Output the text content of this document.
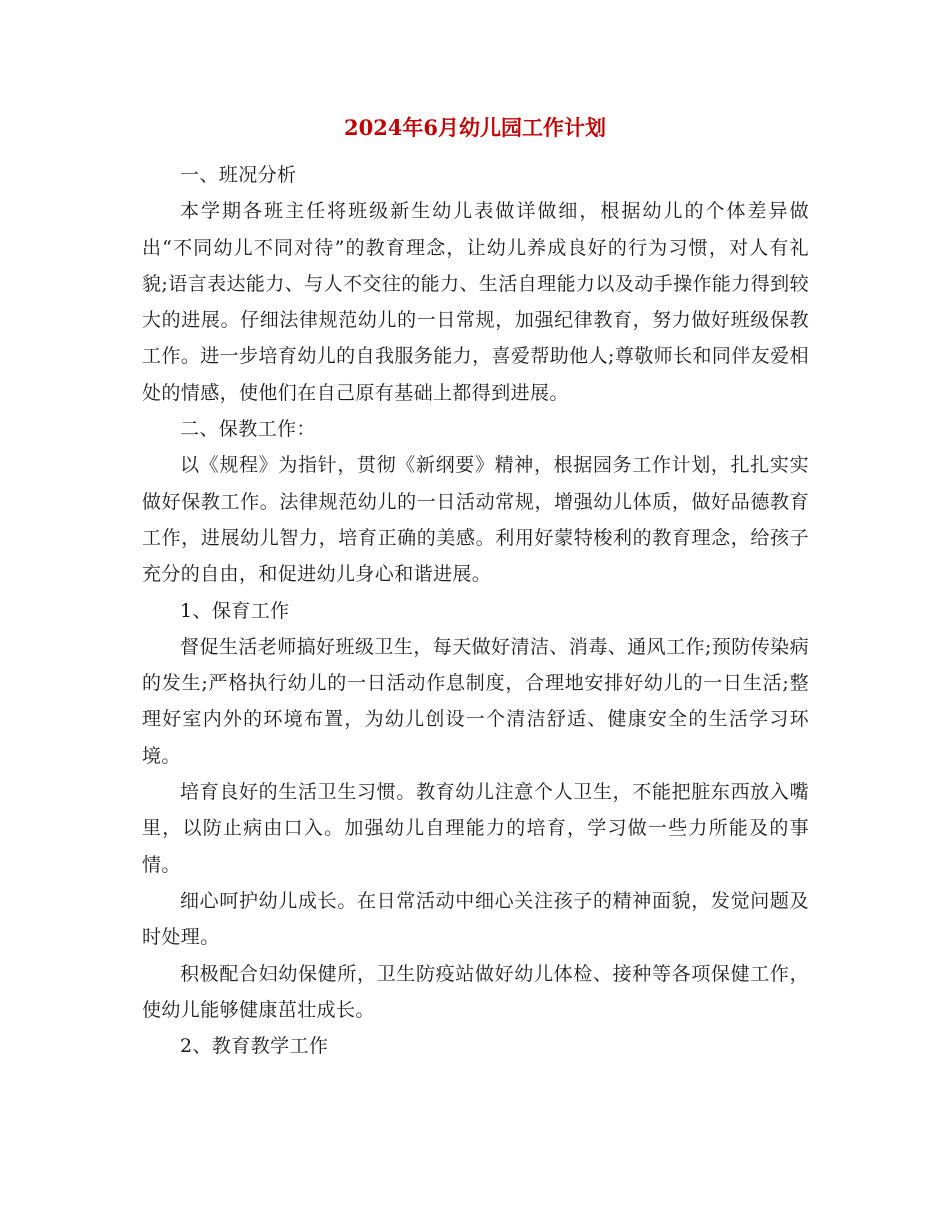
2024年6月幼儿园工作计划

一、班况分析

本学期各班主任将班级新生幼儿表做详做细，根据幼儿的个体差异做出“不同幼儿不同对待”的教育理念，让幼儿养成良好的行为习惯，对人有礼貌;语言表达能力、与人不交往的能力、生活自理能力以及动手操作能力得到较大的进展。仔细法律规范幼儿的一日常规，加强纪律教育，努力做好班级保教工作。进一步培育幼儿的自我服务能力，喜爱帮助他人;尊敬师长和同伴友爱相处的情感，使他们在自己原有基础上都得到进展。

二、保教工作：

以《规程》为指针，贯彻《新纲要》精神，根据园务工作计划，扎扎实实做好保教工作。法律规范幼儿的一日活动常规，增强幼儿体质，做好品德教育工作，进展幼儿智力，培育正确的美感。利用好蒙特梭利的教育理念，给孩子充分的自由，和促进幼儿身心和谐进展。

1、保育工作

督促生活老师搞好班级卫生，每天做好清洁、消毒、通风工作;预防传染病的发生;严格执行幼儿的一日活动作息制度，合理地安排好幼儿的一日生活;整理好室内外的环境布置，为幼儿创设一个清洁舒适、健康安全的生活学习环境。

培育良好的生活卫生习惯。教育幼儿注意个人卫生，不能把脏东西放入嘴里，以防止病由口入。加强幼儿自理能力的培育，学习做一些力所能及的事情。

细心呵护幼儿成长。在日常活动中细心关注孩子的精神面貌，发觉问题及时处理。

积极配合妇幼保健所，卫生防疫站做好幼儿体检、接种等各项保健工作，使幼儿能够健康茁壮成长。

2、教育教学工作
